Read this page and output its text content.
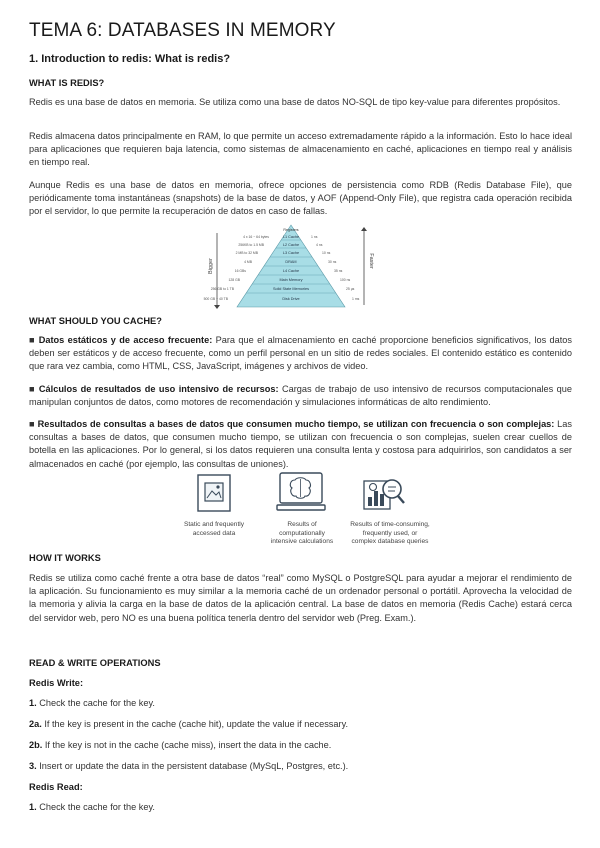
TEMA 6: DATABASES IN MEMORY
1. Introduction to redis: What is redis?
WHAT IS REDIS?
Redis es una base de datos en memoria. Se utiliza como una base de datos NO-SQL de tipo key-value para diferentes propósitos.
Redis almacena datos principalmente en RAM, lo que permite un acceso extremadamente rápido a la información. Esto lo hace ideal para aplicaciones que requieren baja latencia, como sistemas de almacenamiento en caché, aplicaciones en tiempo real y análisis en tiempo real.
Aunque Redis es una base de datos en memoria, ofrece opciones de persistencia como RDB (Redis Database File), que periódicamente toma instantáneas (snapshots) de la base de datos, y AOF (Append-Only File), que registra cada operación recibida por el servidor, lo que permite la recuperación de datos en caso de fallas.
Bigger	Faster
Registers
L1 Cache
L2 Cache
L3 Cache
DRAM
L4 Cache
Main Memory
Solid State Memories
Disk Drive
4 x 16 ~ 64 bytes
256KB to 1.5 MB
2 MB to 32 MB
4 MB
16 GBs
128 GB
256 GB to 1 TB
500 GB ~ 40 TB
1 ns
4 ns
10 ns
30 ns
35 ns
100 ns
25 µs
1 ms
WHAT SHOULD YOU CACHE?
■ Datos estáticos y de acceso frecuente: Para que el almacenamiento en caché proporcione beneficios significativos, los datos deben ser estáticos y de acceso frecuente, como un perfil personal en un sitio de redes sociales. El contenido estático es contenido que rara vez cambia, como HTML, CSS, JavaScript, imágenes y archivos de video.
■ Cálculos de resultados de uso intensivo de recursos: Cargas de trabajo de uso intensivo de recursos computacionales que manipulan conjuntos de datos, como motores de recomendación y simulaciones informáticas de alto rendimiento.
■ Resultados de consultas a bases de datos que consumen mucho tiempo, se utilizan con frecuencia o son complejas: Las consultas a bases de datos, que consumen mucho tiempo, se utilizan con frecuencia o son complejas, suelen crear cuellos de botella en las aplicaciones. Por lo general, si los datos requieren una consulta lenta y costosa para adquirirlos, son candidatos a ser almacenados en caché (por ejemplo, las consultas de uniones).
Static and frequently
accessed data
Results of
computationally
intensive calculations
Results of time-consuming,
frequently used, or
complex database queries
HOW IT WORKS
Redis se utiliza como caché frente a otra base de datos “real” como MySQL o PostgreSQL para ayudar a mejorar el rendimiento de la aplicación. Su funcionamiento es muy similar a la memoria caché de un ordenador personal o portátil. Aprovecha la velocidad de la memoria y alivia la carga en la base de datos de la aplicación central. La base de datos en memoria (Redis Cache) estará cerca del servidor web, pero NO es una buena política tenerla dentro del servidor web (Preg. Exam.).
READ & WRITE OPERATIONS
Redis Write:
1. Check the cache for the key.
2a. If the key is present in the cache (cache hit), update the value if necessary.
2b. If the key is not in the cache (cache miss), insert the data in the cache.
3. Insert or update the data in the persistent database (MySqL, Postgres, etc.).
Redis Read:
1. Check the cache for the key.
